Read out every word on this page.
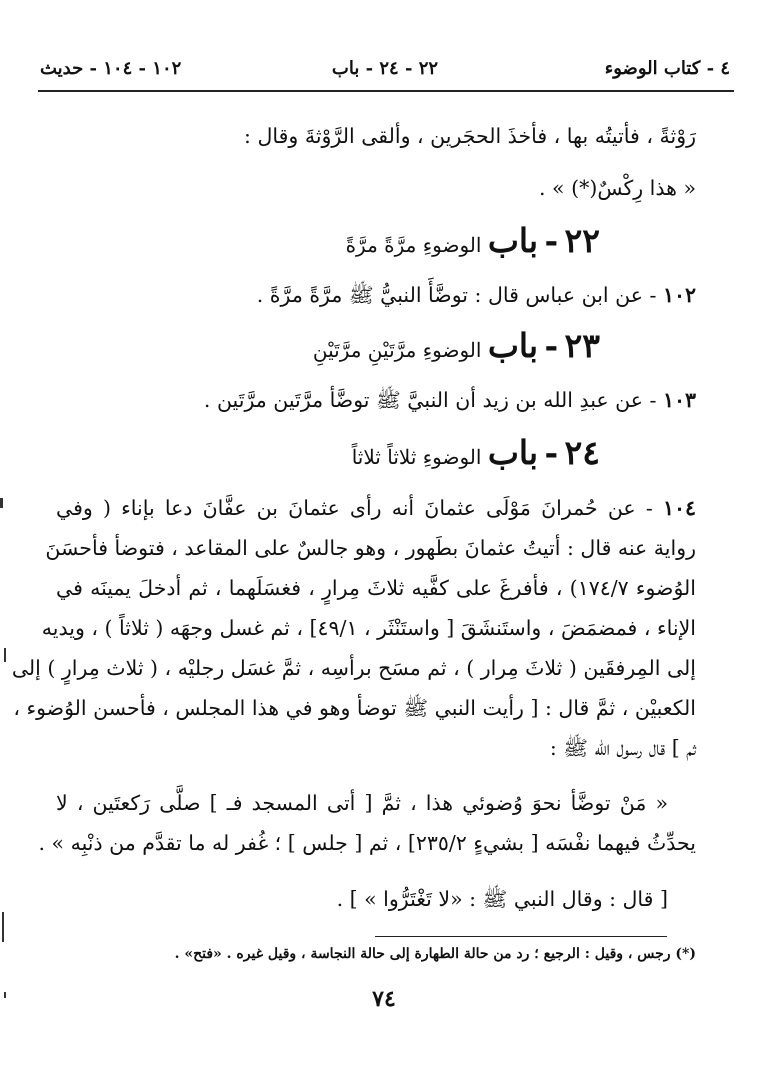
٤ - كتاب الوضوء
٢٢ - ٢٤ - باب
١٠٢ - ١٠٤ - حديث
رَوْثةً ، فأتيتُه بها ، فأخذَ الحجَرين ، وألقى الرَّوْثةَ وقال :
« هذا رِكْسٌ(*) » .
٢٢ - باب الوضوءِ مرَّةً مرَّةً
١٠٢ - عن ابن عباس قال : توضَّأَ النبيُّ ﷺ مرَّةً مرَّةً .
٢٣ - باب الوضوءِ مرَّتَيْنِ مرَّتَيْنِ
١٠٣ - عن عبدِ الله بن زيد أن النبيَّ ﷺ توضَّأ مرَّتَين مرَّتَين .
٢٤ - باب الوضوءِ ثلاثاً ثلاثاً
١٠٤ - عن حُمرانَ مَوْلَى عثمانَ أنه رأى عثمانَ بن عفَّانَ دعا بإناء ( وفي
رواية عنه قال : أتيتُ عثمانَ بطَهور ، وهو جالسٌ على المقاعد ، فتوضأ فأحسَنَ
الوُضوء ١٧٤/٧) ، فأفرغَ على كفَّيه ثلاثَ مِرارٍ ، فغسَلَهما ، ثم أدخلَ يمينَه في
الإناء ، فمضمَضَ ، واستَنشَقَ [ واستَنْثَر ، ٤٩/١] ، ثم غسل وجهَه ( ثلاثاً ) ، ويديه
إلى المِرفقَين ( ثلاثَ مِرار ) ، ثم مسَح برأسِه ، ثمَّ غسَل رجليْه ، ( ثلاث مِرارٍ ) إلى
الكعبيْن ، ثمَّ قال : [ رأيت النبي ﷺ توضأ وهو في هذا المجلس ، فأحسن الوُضوء ،
ثم ] قال رسول الله ﷺ :
« مَنْ توضَّأ نحوَ وُضوئي هذا ، ثمَّ [ أتى المسجد فـ ] صلَّى رَكعتَين ، لا
يحدِّثُ فيهما نفْسَه [ بشيءٍ ٢٣٥/٢] ، ثم [ جلس ] ؛ غُفر له ما تقدَّم من ذنْبِه » .
[ قال : وقال النبي ﷺ : «لا تَغْتَرُّوا » ] .
(*) رجس ، وقيل : الرجيع ؛ رد من حالة الطهارة إلى حالة النجاسة ، وقيل غيره . «فتح» .
٧٤
